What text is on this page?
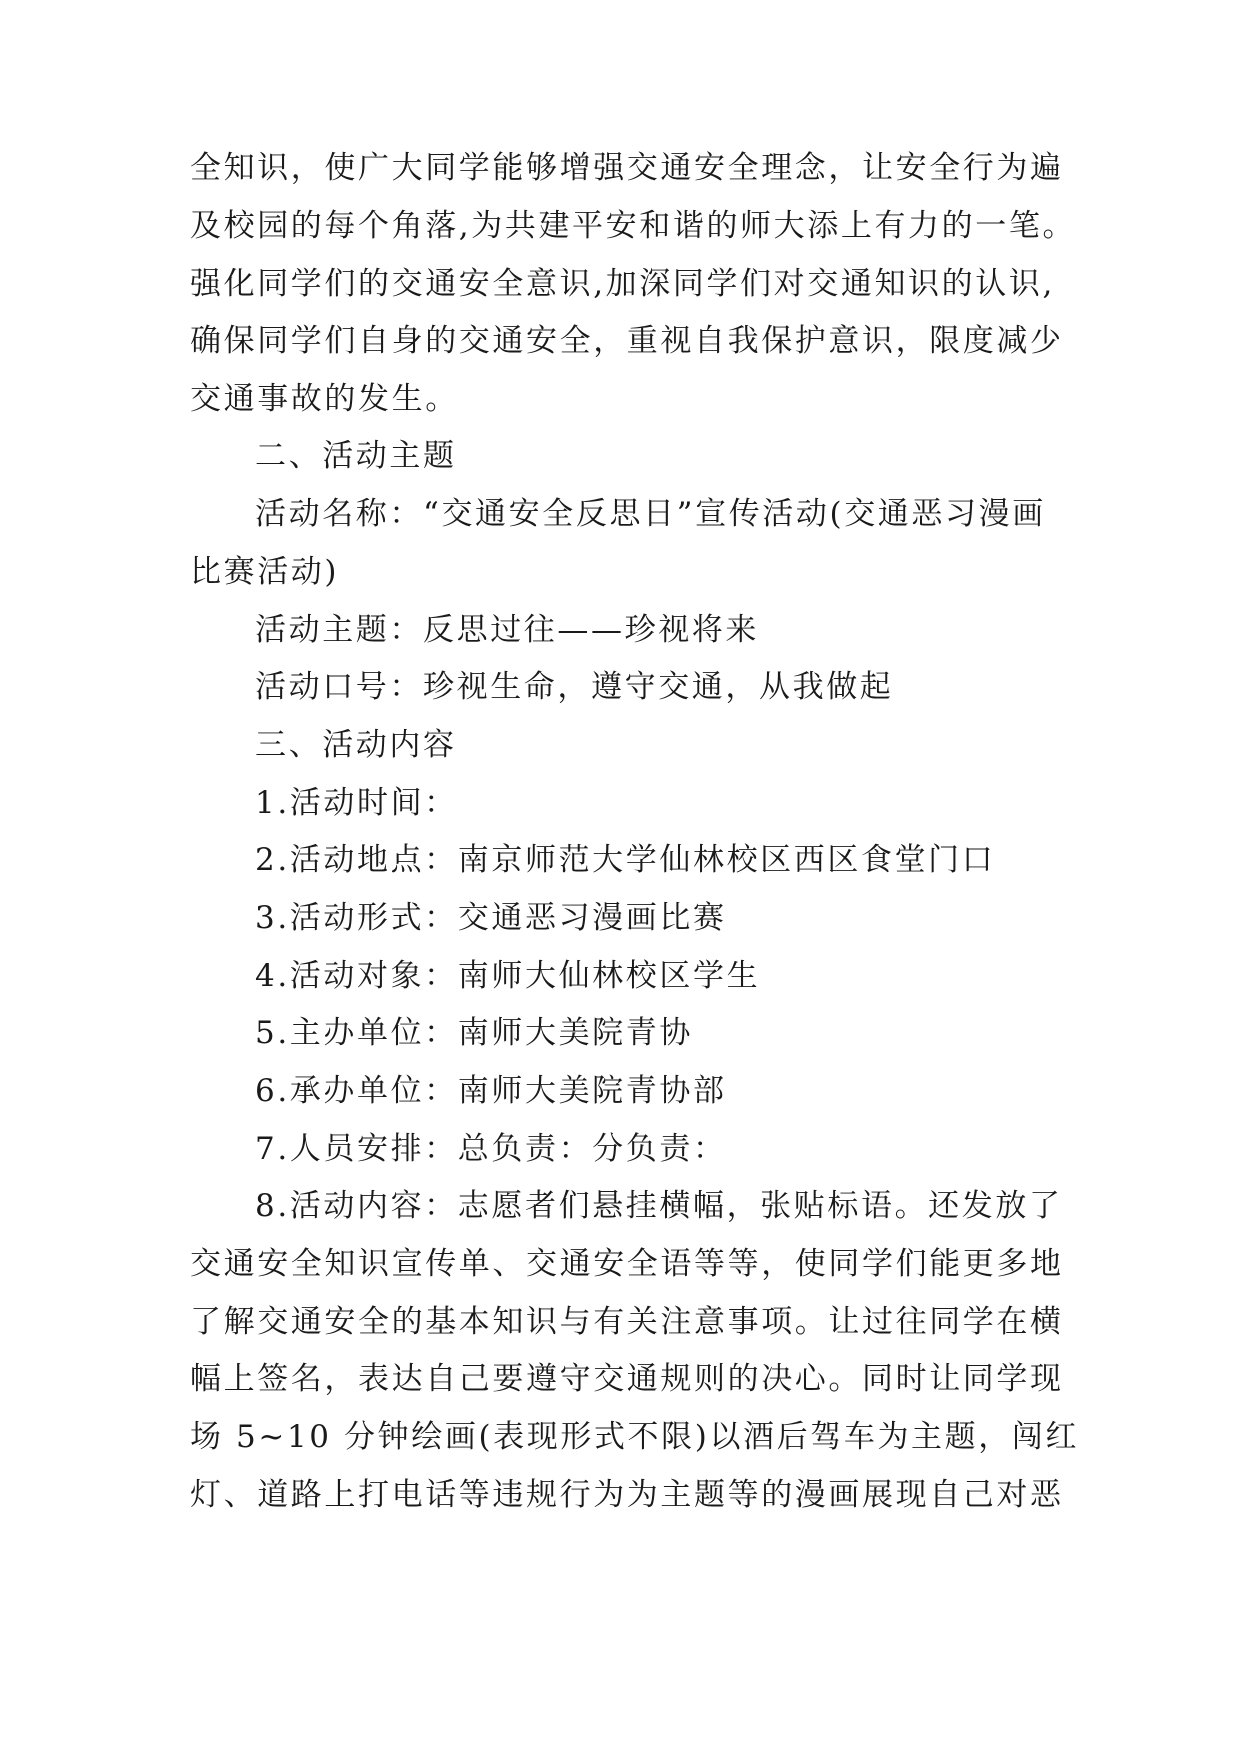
全知识，使广大同学能够增强交通安全理念，让安全行为遍
及校园的每个角落,为共建平安和谐的师大添上有力的一笔。
强化同学们的交通安全意识,加深同学们对交通知识的认识,
确保同学们自身的交通安全，重视自我保护意识，限度减少
交通事故的发生。
二、活动主题
活动名称：“交通安全反思日”宣传活动(交通恶习漫画
比赛活动)
活动主题：反思过往——珍视将来
活动口号：珍视生命，遵守交通，从我做起
三、活动内容
1.活动时间：
2.活动地点：南京师范大学仙林校区西区食堂门口
3.活动形式：交通恶习漫画比赛
4.活动对象：南师大仙林校区学生
5.主办单位：南师大美院青协
6.承办单位：南师大美院青协部
7.人员安排：总负责：分负责：
8.活动内容：志愿者们悬挂横幅，张贴标语。还发放了
交通安全知识宣传单、交通安全语等等，使同学们能更多地
了解交通安全的基本知识与有关注意事项。让过往同学在横
幅上签名，表达自己要遵守交通规则的决心。同时让同学现
场 5~10 分钟绘画(表现形式不限)以酒后驾车为主题，闯红
灯、道路上打电话等违规行为为主题等的漫画展现自己对恶
